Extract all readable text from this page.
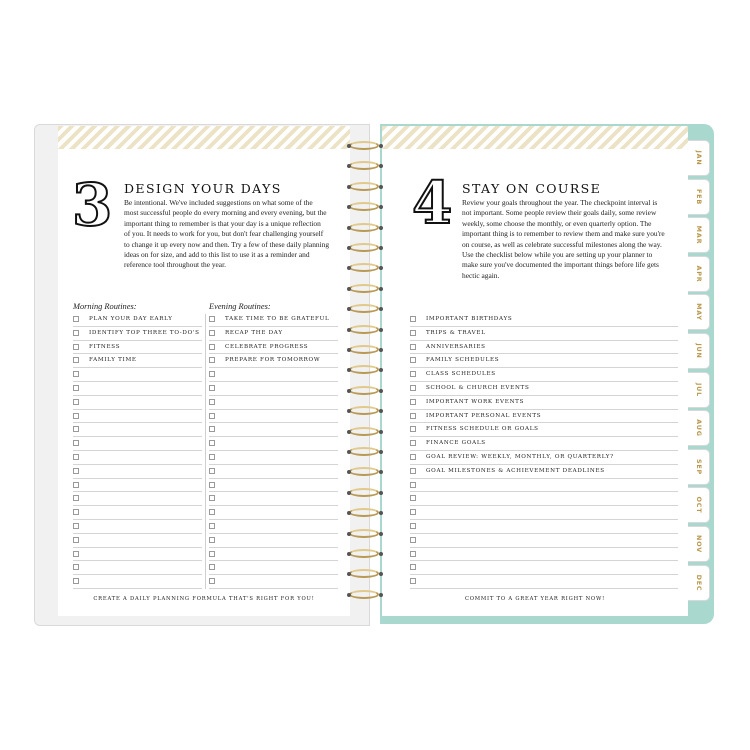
3 DESIGN YOUR DAYS
Be intentional. We've included suggestions on what some of the
most successful people do every morning and every evening, but the
important thing to remember is that your day is a unique reflection
of you. It needs to work for you, but don't fear challenging yourself
to change it up every now and then. Try a few of these daily planning
ideas on for size, and add to this list to use it as a reminder and
reference tool throughout the year.
Morning Routines:	Evening Routines:
PLAN YOUR DAY EARLY
IDENTIFY TOP THREE TO-DO'S
FITNESS
FAMILY TIME
TAKE TIME TO BE GRATEFUL
RECAP THE DAY
CELEBRATE PROGRESS
PREPARE FOR TOMORROW
CREATE A DAILY PLANNING FORMULA THAT'S RIGHT FOR YOU!
4 STAY ON COURSE
Review your goals throughout the year. The checkpoint interval is
not important. Some people review their goals daily, some review
weekly, some choose the monthly, or even quarterly option. The
important thing is to remember to review them and make sure you're
on course, as well as celebrate successful milestones along the way.
Use the checklist below while you are setting up your planner to
make sure you've documented the important things before life gets
hectic again.
IMPORTANT BIRTHDAYS
TRIPS & TRAVEL
ANNIVERSARIES
FAMILY SCHEDULES
CLASS SCHEDULES
SCHOOL & CHURCH EVENTS
IMPORTANT WORK EVENTS
IMPORTANT PERSONAL EVENTS
FITNESS SCHEDULE OR GOALS
FINANCE GOALS
GOAL REVIEW: WEEKLY, MONTHLY, OR QUARTERLY?
GOAL MILESTONES & ACHIEVEMENT DEADLINES
COMMIT TO A GREAT YEAR RIGHT NOW!
JAN
FEB
MAR
APR
MAY
JUN
JUL
AUG
SEP
OCT
NOV
DEC
